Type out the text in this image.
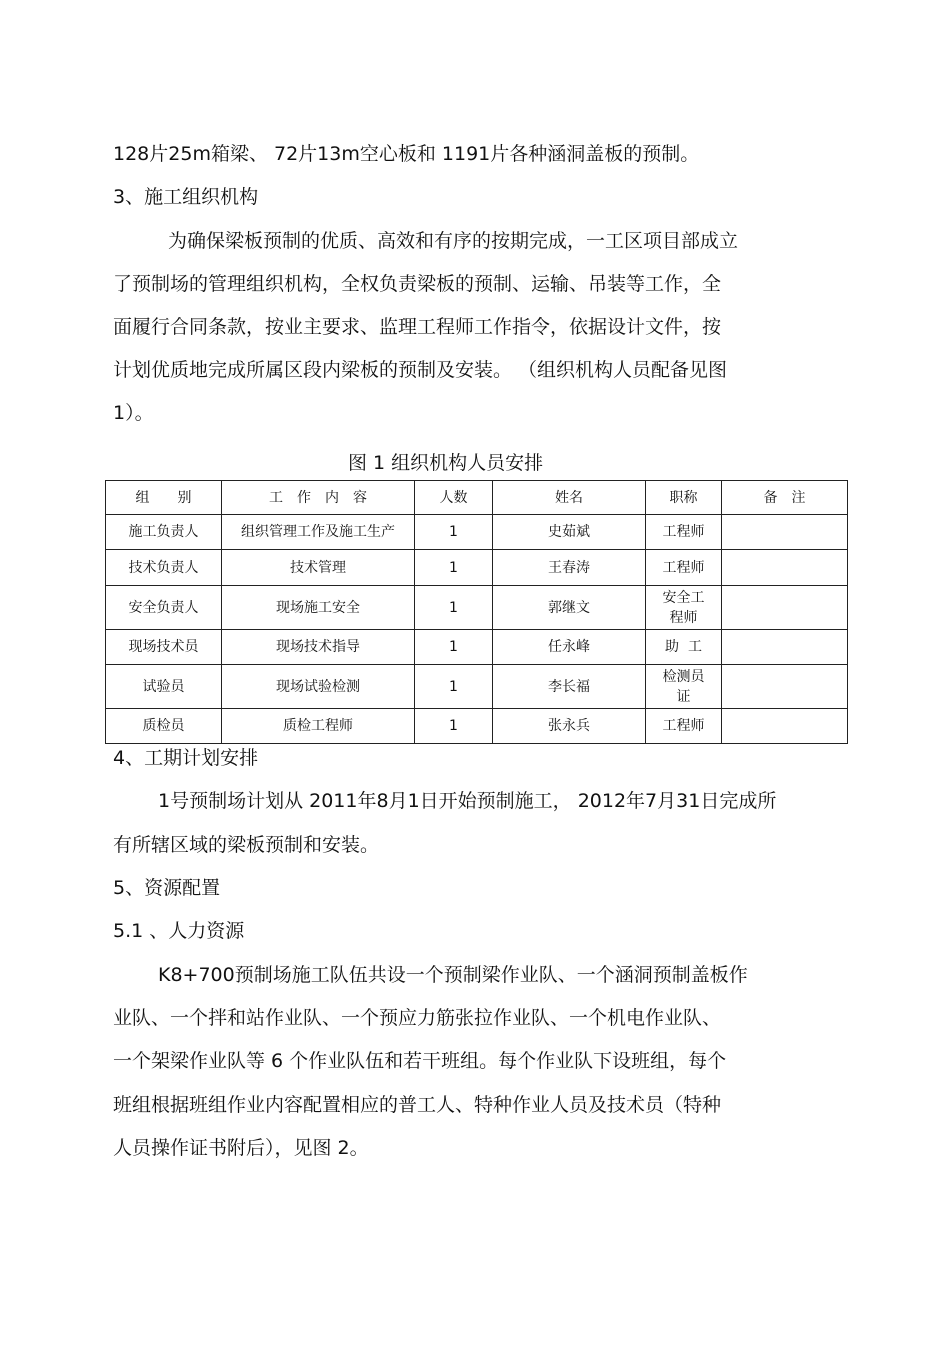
128片25m箱梁、 72片13m空心板和 1191片各种涵洞盖板的预制。
3、施工组织机构
为确保梁板预制的优质、高效和有序的按期完成，一工区项目部成立
了预制场的管理组织机构，全权负责梁板的预制、运输、吊装等工作，全
面履行合同条款，按业主要求、监理工程师工作指令，依据设计文件，按
计划优质地完成所属区段内梁板的预制及安装。 （组织机构人员配备见图
1）。
图 1 组织机构人员安排
组　　别	工　作　内　容	人数	姓名	职称	备　注
施工负责人	组织管理工作及施工生产	1	史茹斌	工程师	
技术负责人	技术管理	1	王春涛	工程师	
安全负责人	现场施工安全	1	郭继文	安全工
程师	
现场技术员	现场技术指导	1	任永峰	助  工	
试验员	现场试验检测	1	李长福	检测员
证	
质检员	质检工程师	1	张永兵	工程师	
4、工期计划安排
1号预制场计划从 2011年8月1日开始预制施工， 2012年7月31日完成所
有所辖区域的梁板预制和安装。
5、资源配置
5.1 、人力资源
K8+700预制场施工队伍共设一个预制梁作业队、一个涵洞预制盖板作
业队、一个拌和站作业队、一个预应力筋张拉作业队、一个机电作业队、
一个架梁作业队等 6 个作业队伍和若干班组。每个作业队下设班组，每个
班组根据班组作业内容配置相应的普工人、特种作业人员及技术员（特种
人员操作证书附后），见图 2。
